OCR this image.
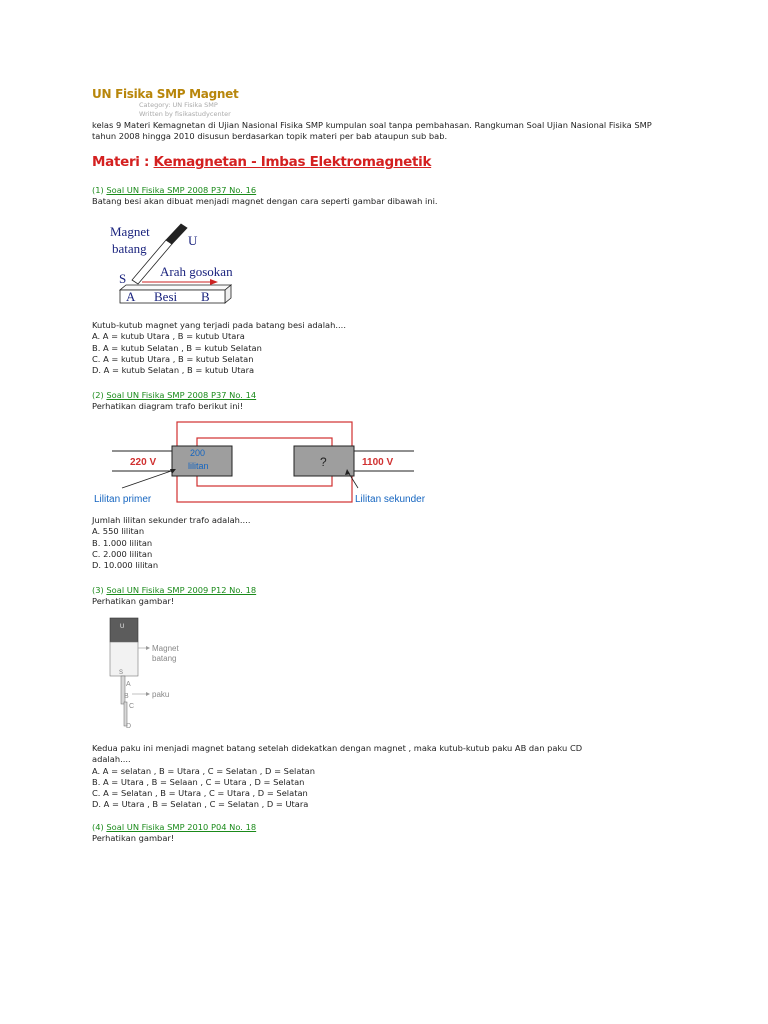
UN Fisika SMP Magnet
Category: UN Fisika SMP
Written by fisikastudycenter
kelas 9 Materi Kemagnetan di Ujian Nasional Fisika SMP kumpulan soal tanpa pembahasan. Rangkuman Soal Ujian Nasional Fisika SMP tahun 2008 hingga 2010 disusun berdasarkan topik materi per bab ataupun sub bab.
Materi : Kemagnetan - Imbas Elektromagnetik
(1) Soal UN Fisika SMP 2008 P37 No. 16
Batang besi akan dibuat menjadi magnet dengan cara seperti gambar dibawah ini.
Magnet
batang
U
S	Arah gosokan
A Besi B
Kutub-kutub magnet yang terjadi pada batang besi adalah....
A. A = kutub Utara , B = kutub Utara
B. A = kutub Selatan , B = kutub Selatan
C. A = kutub Utara , B = kutub Selatan
D. A = kutub Selatan , B = kutub Utara
(2) Soal UN Fisika SMP 2008 P37 No. 14
Perhatikan diagram trafo berikut ini!
220 V
200
lilitan	?	1100 V
Lilitan primer	Lilitan sekunder
Jumlah lilitan sekunder trafo adalah....
A. 550 lilitan
B. 1.000 lilitan
C. 2.000 lilitan
D. 10.000 lilitan
(3) Soal UN Fisika SMP 2009 P12 No. 18
Perhatikan gambar!
U
S
Magnet
batang
A
B
C
D
paku
Kedua paku ini menjadi magnet batang setelah didekatkan dengan magnet , maka kutub-kutub paku AB dan paku CD adalah....
A. A = selatan , B = Utara , C = Selatan , D = Selatan
B. A = Utara , B = Selaan , C = Utara , D = Selatan
C. A = Selatan , B = Utara , C = Utara , D = Selatan
D. A = Utara , B = Selatan , C = Selatan , D = Utara
(4) Soal UN Fisika SMP 2010 P04 No. 18
Perhatikan gambar!
